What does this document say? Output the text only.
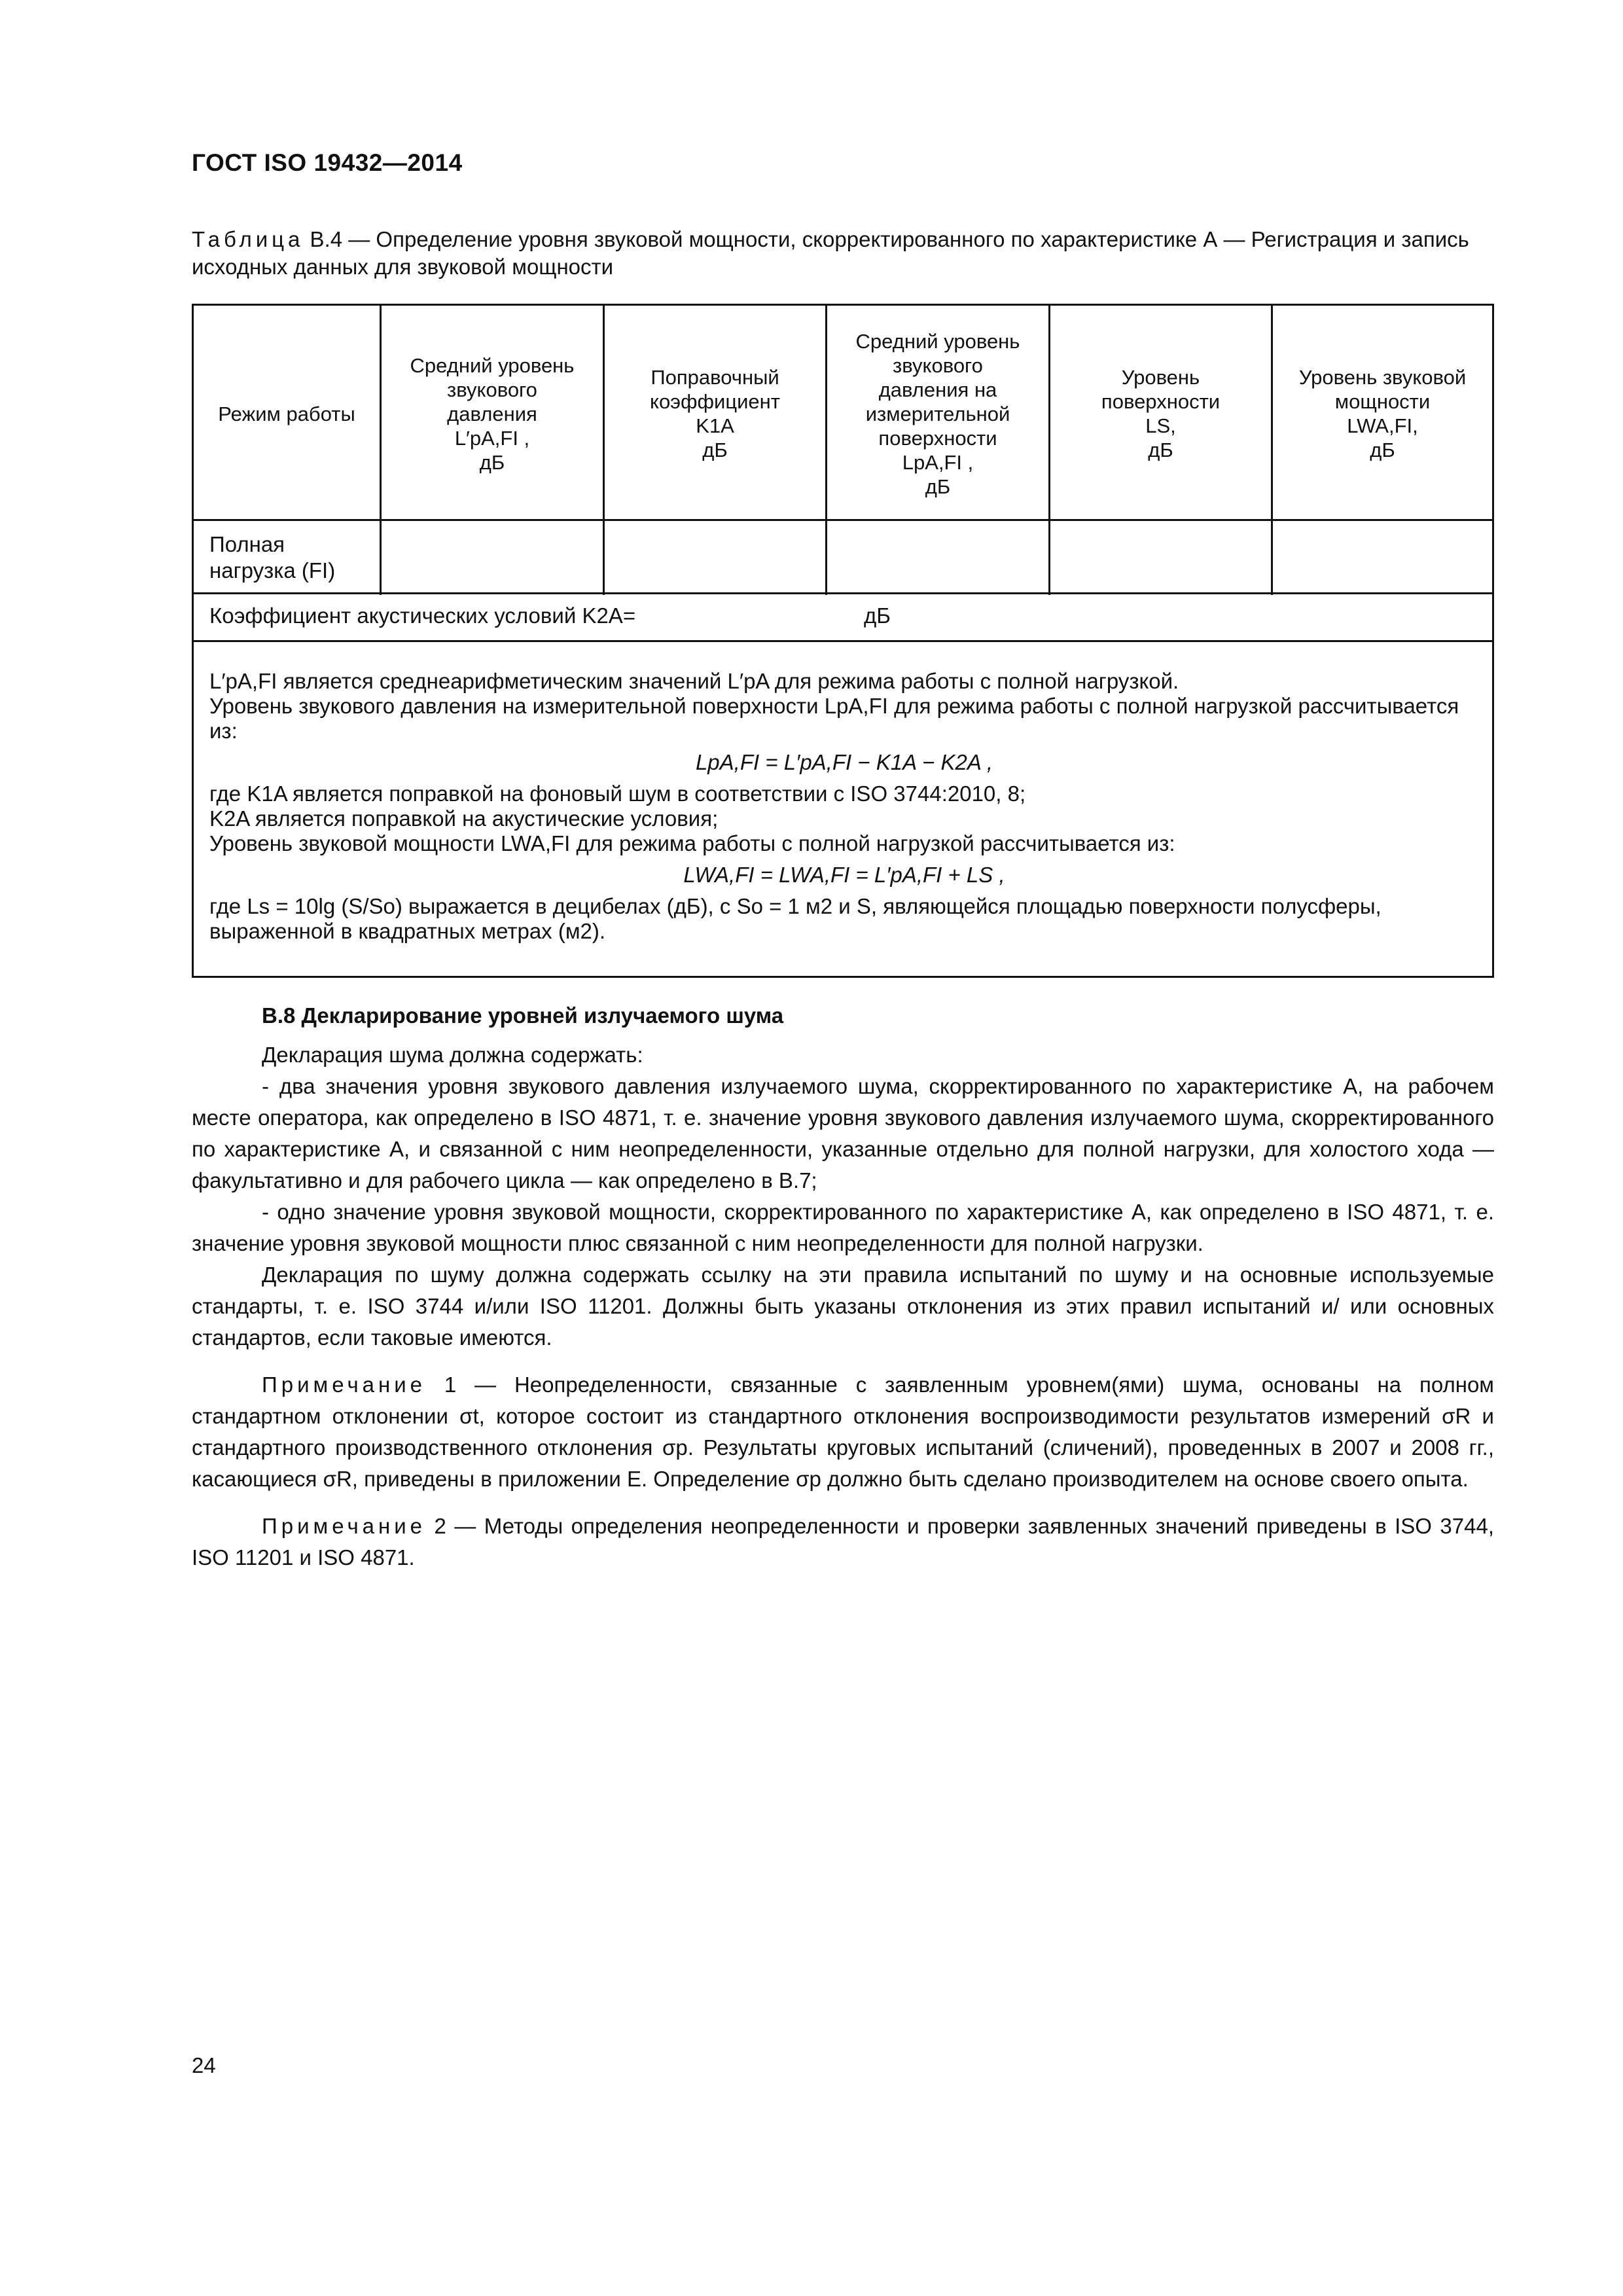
ГОСТ ISO 19432—2014
Таблица В.4 — Определение уровня звуковой мощности, скорректированного по характеристике А — Регистрация и запись исходных данных для звуковой мощности
Режим работы
Средний уровень
звукового
давления
L′pA,FI ,
дБ
Поправочный
коэффициент
K1A
дБ
Средний уровень
звукового
давления на
измерительной
поверхности
LpA,FI ,
дБ
Уровень
поверхности
LS,
дБ
Уровень звуковой
мощности
LWA,FI,
дБ
Полная
нагрузка (FI)
Коэффициент акустических условий K2A=	дБ

L′pA,FI является среднеарифметическим значений L′pA для режима работы с полной нагрузкой.

Уровень звукового давления на измерительной поверхности LpA,FI для режима работы с полной нагрузкой рассчитывается из:

LpA,FI = L′pA,FI − K1A − K2A ,

где K1A является поправкой на фоновый шум в соответствии с ISO 3744:2010, 8;

K2A является поправкой на акустические условия;

Уровень звуковой мощности LWA,FI для режима работы с полной нагрузкой рассчитывается из:

LWA,FI = LWA,FI = L′pA,FI + LS ,

где Ls = 10lg (S/So) выражается в децибелах (дБ), с So = 1 м2 и S, являющейся площадью поверхности полусферы, выраженной в квадратных метрах (м2).

В.8 Декларирование уровней излучаемого шума

Декларация шума должна содержать:

- два значения уровня звукового давления излучаемого шума, скорректированного по характеристике А, на рабочем месте оператора, как определено в ISO 4871, т. е. значение уровня звукового давления излучаемого шума, скорректированного по характеристике А, и связанной с ним неопределенности, указанные отдельно для полной нагрузки, для холостого хода — факультативно и для рабочего цикла — как определено в В.7;

- одно значение уровня звуковой мощности, скорректированного по характеристике А, как определено в ISO 4871, т. е. значение уровня звуковой мощности плюс связанной с ним неопределенности для полной нагрузки.

Декларация по шуму должна содержать ссылку на эти правила испытаний по шуму и на основные используемые стандарты, т. е. ISO 3744 и/или ISO 11201. Должны быть указаны отклонения из этих правил испытаний и/ или основных стандартов, если таковые имеются.

Примечание 1 — Неопределенности, связанные с заявленным уровнем(ями) шума, основаны на полном стандартном отклонении σt, которое состоит из стандартного отклонения воспроизводимости результатов измерений σR и стандартного производственного отклонения σp. Результаты круговых испытаний (сличений), проведенных в 2007 и 2008 гг., касающиеся σR, приведены в приложении Е. Определение σp должно быть сделано производителем на основе своего опыта.

Примечание 2 — Методы определения неопределенности и проверки заявленных значений приведены в ISO 3744, ISO 11201 и ISO 4871.

24
